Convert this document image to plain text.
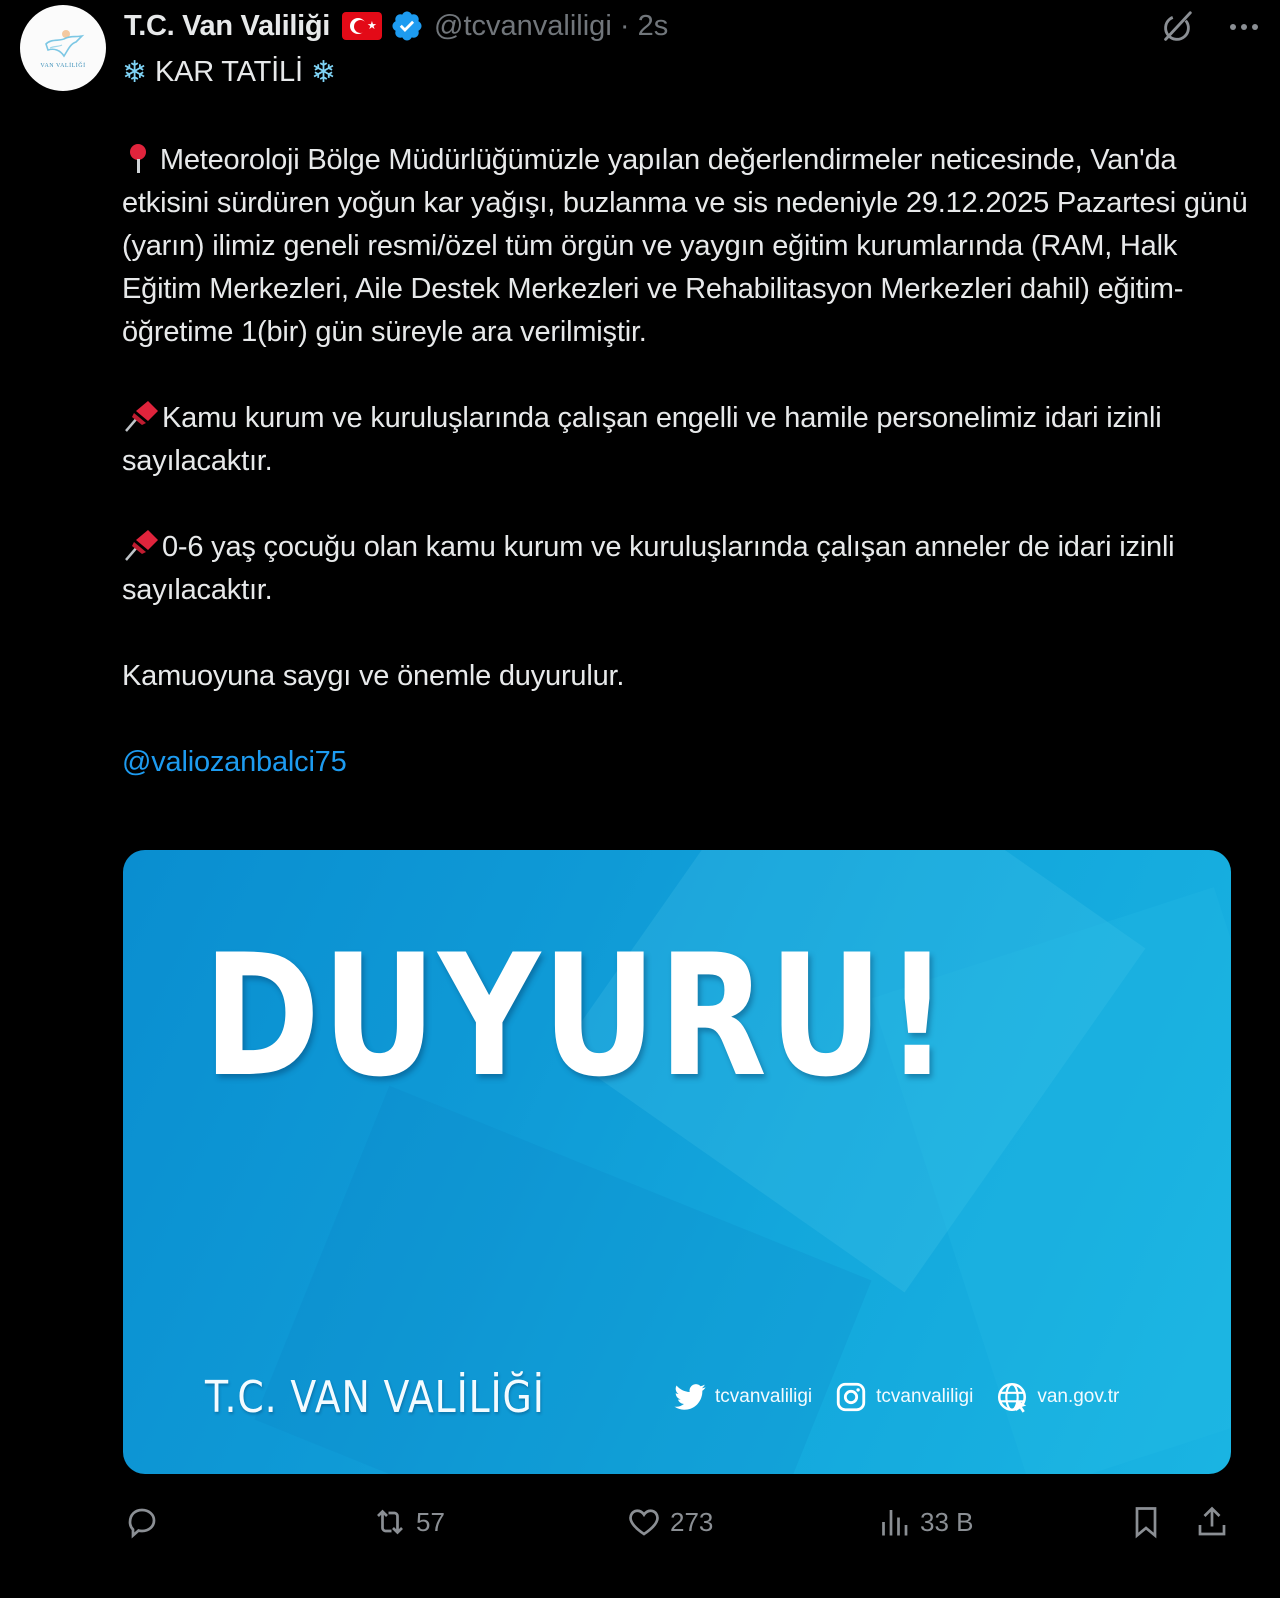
VAN VALİLİĞİ
T.C. Van Valiliği	★ @tcvanvaliligi · 2s
❄ KAR TATİLİ ❄

Meteoroloji Bölge Müdürlüğümüzle yapılan değerlendirmeler neticesinde, Van'da etkisini sürdüren yoğun kar yağışı, buzlanma ve sis nedeniyle 29.12.2025 Pazartesi günü (yarın) ilimiz geneli resmi/özel tüm örgün ve yaygın eğitim kurumlarında (RAM, Halk Eğitim Merkezleri, Aile Destek Merkezleri ve Rehabilitasyon Merkezleri dahil) eğitim-öğretime 1(bir) gün süreyle ara verilmiştir.

Kamu kurum ve kuruluşlarında çalışan engelli ve hamile personelimiz idari izinli sayılacaktır.

0-6 yaş çocuğu olan kamu kurum ve kuruluşlarında çalışan anneler de idari izinli sayılacaktır.

Kamuoyuna saygı ve önemle duyurulur.

@valiozanbalci75

DUYURU!
T.C. VAN VALİLİĞİ	tcvanvaliligi	tcvanvaliligi	van.gov.tr
57	273	33 B
